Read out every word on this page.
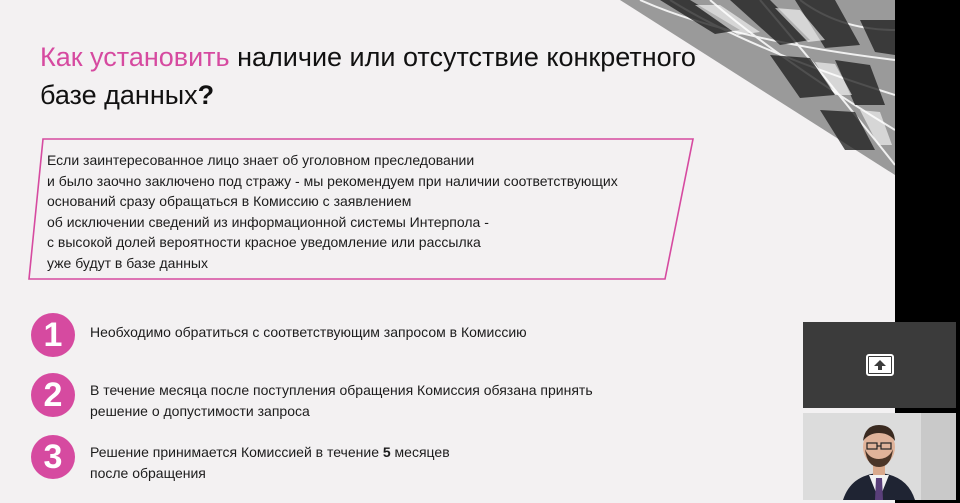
Как установить наличие или отсутствие конкретного
базе данных?
Если заинтересованное лицо знает об уголовном преследовании
и было заочно заключено под стражу - мы рекомендуем при наличии соответствующих
оснований сразу обращаться в Комиссию с заявлением
об исключении сведений из информационной системы Интерпола -
с высокой долей вероятности красное уведомление или рассылка
уже будут в базе данных
1	Необходимо обратиться с соответствующим запросом в Комиссию
2	В течение месяца после поступления обращения Комиссия обязана принять
решение о допустимости запроса
3	Решение принимается Комиссией в течение 5 месяцев
после обращения
